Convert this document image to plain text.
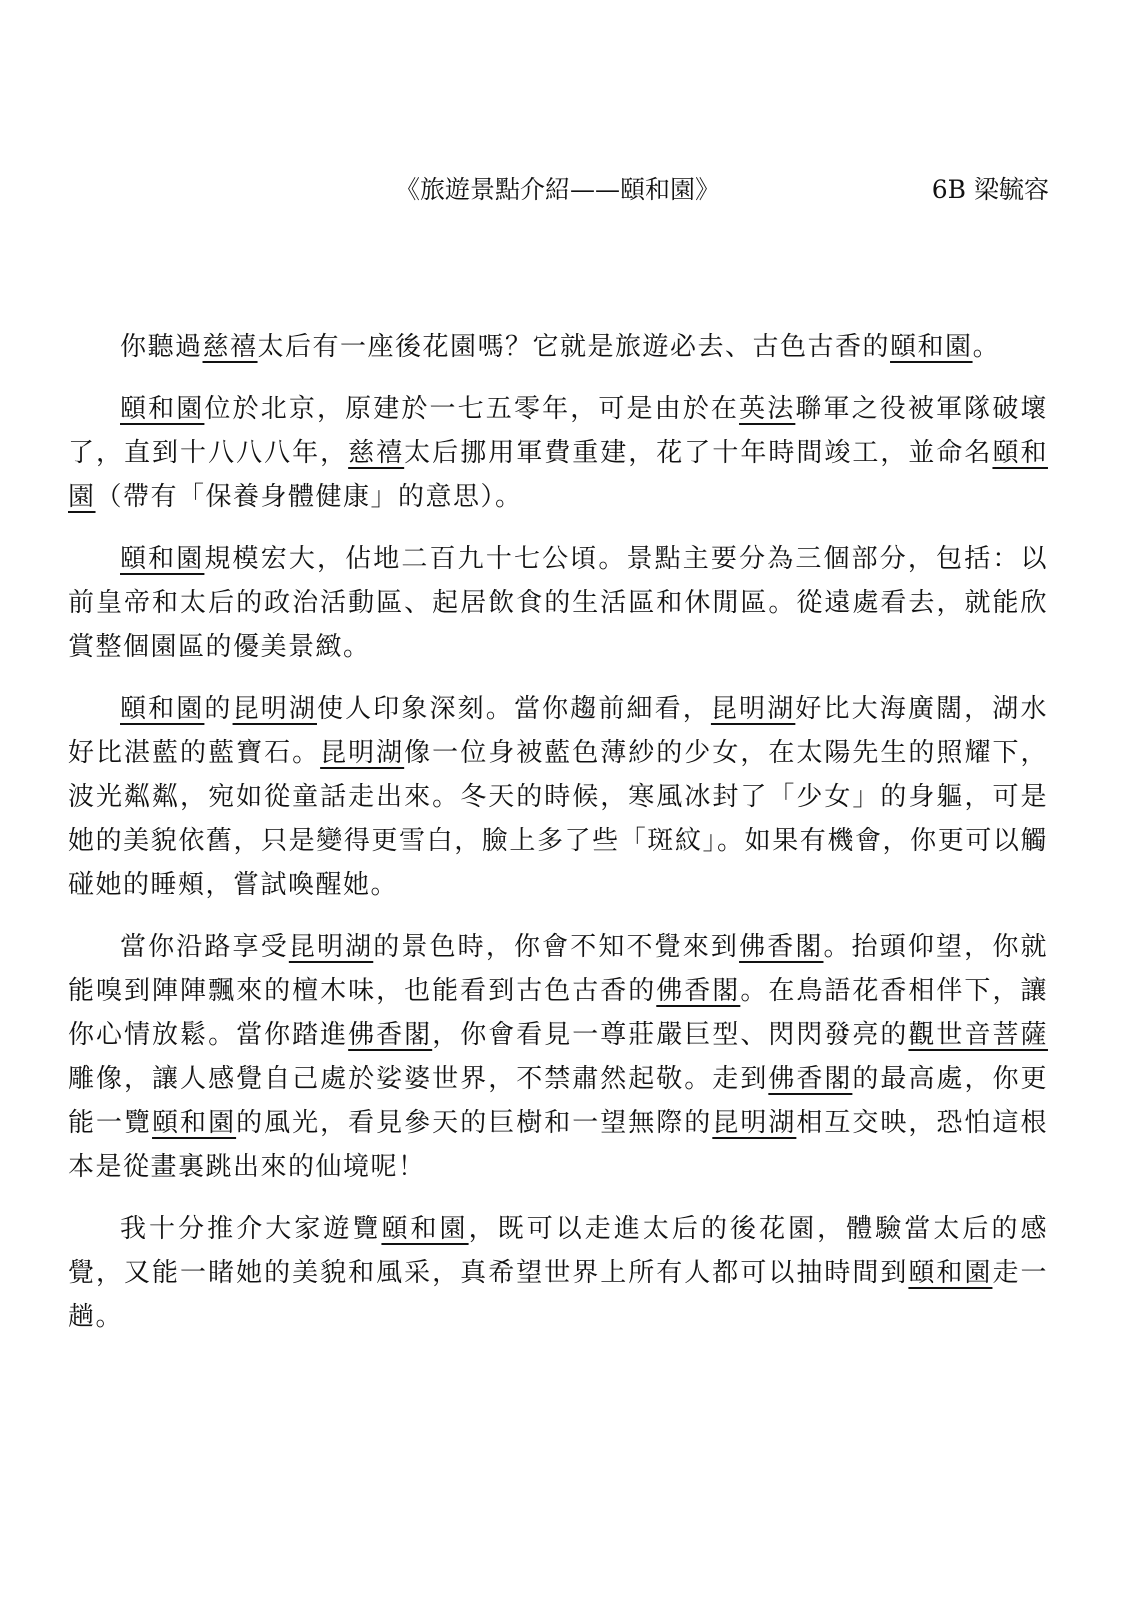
《旅遊景點介紹——頤和園》	6B 梁毓容

你聽過慈禧太后有一座後花園嗎？它就是旅遊必去、古色古香的頤和園。

頤和園位於北京，原建於一七五零年，可是由於在英法聯軍之役被軍隊破壞了，直到十八八八年，慈禧太后挪用軍費重建，花了十年時間竣工，並命名頤和園（帶有「保養身體健康」的意思）。

頤和園規模宏大，佔地二百九十七公頃。景點主要分為三個部分，包括：以前皇帝和太后的政治活動區、起居飲食的生活區和休閒區。從遠處看去，就能欣賞整個園區的優美景緻。

頤和園的昆明湖使人印象深刻。當你趨前細看，昆明湖好比大海廣闊，湖水好比湛藍的藍寶石。昆明湖像一位身被藍色薄紗的少女，在太陽先生的照耀下，波光粼粼，宛如從童話走出來。冬天的時候，寒風冰封了「少女」的身軀，可是她的美貌依舊，只是變得更雪白，臉上多了些「斑紋」。如果有機會，你更可以觸碰她的睡頰，嘗試喚醒她。

當你沿路享受昆明湖的景色時，你會不知不覺來到佛香閣。抬頭仰望，你就能嗅到陣陣飄來的檀木味，也能看到古色古香的佛香閣。在鳥語花香相伴下，讓你心情放鬆。當你踏進佛香閣，你會看見一尊莊嚴巨型、閃閃發亮的觀世音菩薩雕像，讓人感覺自己處於娑婆世界，不禁肅然起敬。走到佛香閣的最高處，你更能一覽頤和園的風光，看見參天的巨樹和一望無際的昆明湖相互交映，恐怕這根本是從畫裏跳出來的仙境呢！

我十分推介大家遊覽頤和園，既可以走進太后的後花園，體驗當太后的感覺，又能一睹她的美貌和風采，真希望世界上所有人都可以抽時間到頤和園走一趟。
